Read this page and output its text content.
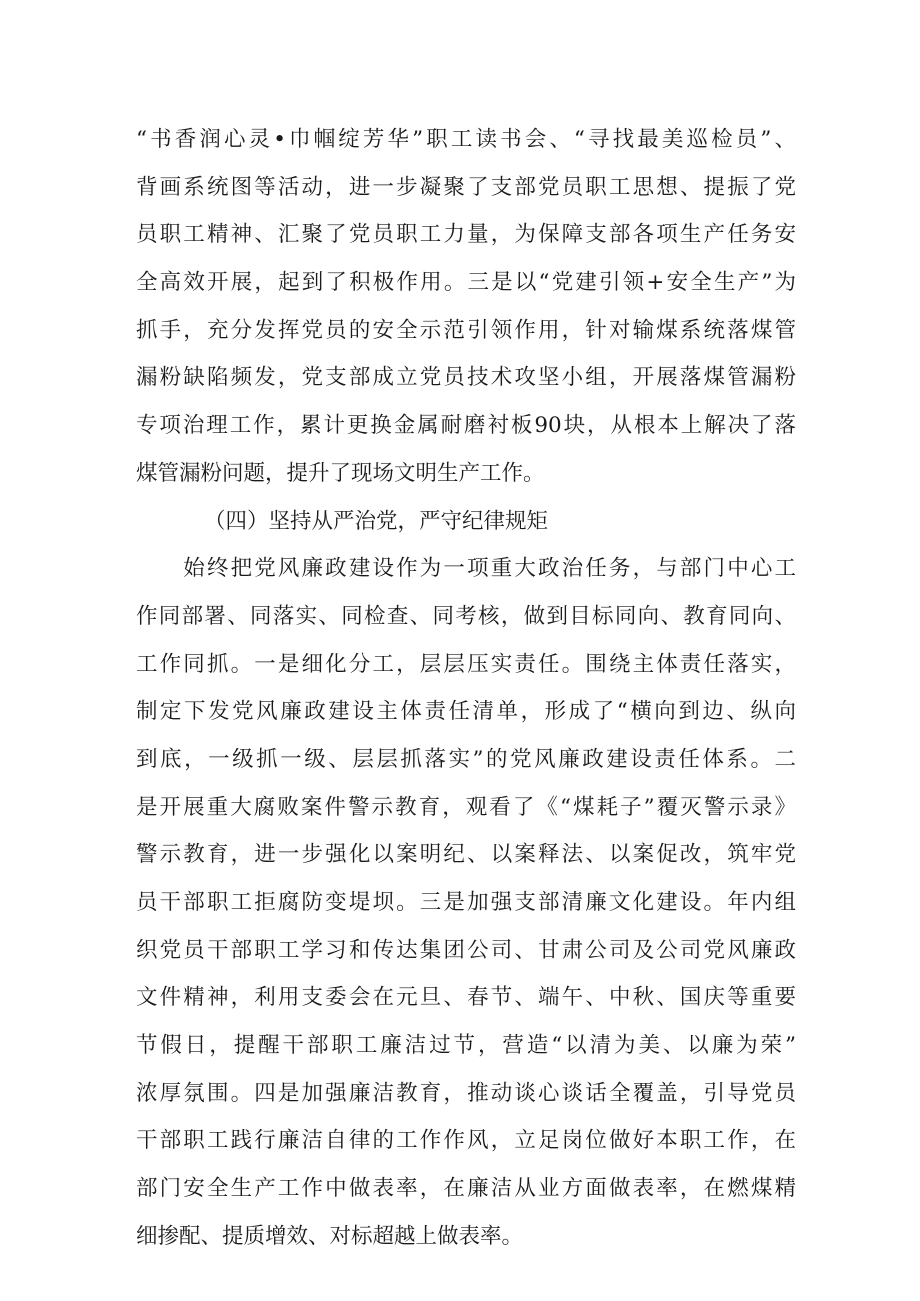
“书香润心灵•巾帼绽芳华”职工读书会、“寻找最美巡检员”、
背画系统图等活动，进一步凝聚了支部党员职工思想、提振了党
员职工精神、汇聚了党员职工力量，为保障支部各项生产任务安
全高效开展，起到了积极作用。三是以“党建引领+安全生产”为
抓手，充分发挥党员的安全示范引领作用，针对输煤系统落煤管
漏粉缺陷频发，党支部成立党员技术攻坚小组，开展落煤管漏粉
专项治理工作，累计更换金属耐磨衬板90块，从根本上解决了落
煤管漏粉问题，提升了现场文明生产工作。
（四）坚持从严治党，严守纪律规矩
　　始终把党风廉政建设作为一项重大政治任务，与部门中心工
作同部署、同落实、同检查、同考核，做到目标同向、教育同向、
工作同抓。一是细化分工，层层压实责任。围绕主体责任落实，
制定下发党风廉政建设主体责任清单，形成了“横向到边、纵向
到底，一级抓一级、层层抓落实”的党风廉政建设责任体系。二
是开展重大腐败案件警示教育，观看了《“煤耗子”覆灭警示录》
警示教育，进一步强化以案明纪、以案释法、以案促改，筑牢党
员干部职工拒腐防变堤坝。三是加强支部清廉文化建设。年内组
织党员干部职工学习和传达集团公司、甘肃公司及公司党风廉政
文件精神，利用支委会在元旦、春节、端午、中秋、国庆等重要
节假日，提醒干部职工廉洁过节，营造“以清为美、以廉为荣”
浓厚氛围。四是加强廉洁教育，推动谈心谈话全覆盖，引导党员
干部职工践行廉洁自律的工作作风，立足岗位做好本职工作，在
部门安全生产工作中做表率，在廉洁从业方面做表率，在燃煤精
细掺配、提质增效、对标超越上做表率。
